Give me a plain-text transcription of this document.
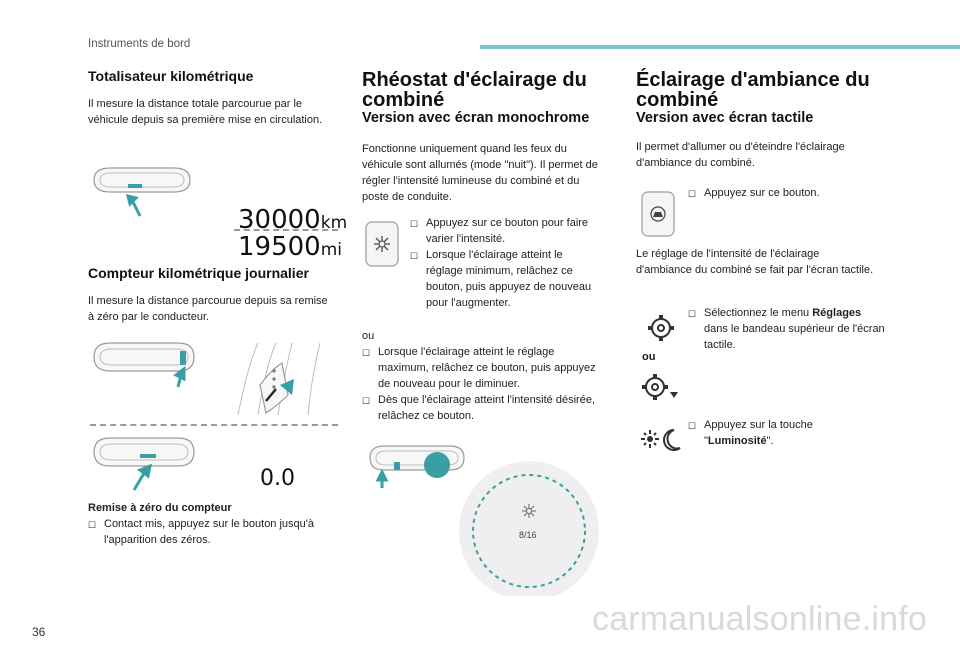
Instruments de bord
Totalisateur kilométrique
Il mesure la distance totale parcourue par le véhicule depuis sa première mise en circulation.
30000km
19500mi
Compteur kilométrique journalier
Il mesure la distance parcourue depuis sa remise à zéro par le conducteur.
0.0
Remise à zéro du compteur
☐ Contact mis, appuyez sur le bouton jusqu'à l'apparition des zéros.
Rhéostat d'éclairage du combiné
Version avec écran monochrome
Fonctionne uniquement quand les feux du véhicule sont allumés (mode "nuit"). Il permet de régler l'intensité lumineuse du combiné et du poste de conduite.
☐ Appuyez sur ce bouton pour faire varier l'intensité.
☐ Lorsque l'éclairage atteint le réglage minimum, relâchez ce bouton, puis appuyez de nouveau pour l'augmenter.
ou
☐ Lorsque l'éclairage atteint le réglage maximum, relâchez ce bouton, puis appuyez de nouveau pour le diminuer.
☐ Dès que l'éclairage atteint l'intensité désirée, relâchez ce bouton.
8/16
Éclairage d'ambiance du combiné
Version avec écran tactile
Il permet d'allumer ou d'éteindre l'éclairage d'ambiance du combiné.
☐ Appuyez sur ce bouton.
Le réglage de l'intensité de l'éclairage d'ambiance du combiné se fait par l'écran tactile.
☐ Sélectionnez le menu Réglages dans le bandeau supérieur de l'écran tactile.
ou
☐ Appuyez sur la touche "Luminosité".
36	carmanualsonline.info
